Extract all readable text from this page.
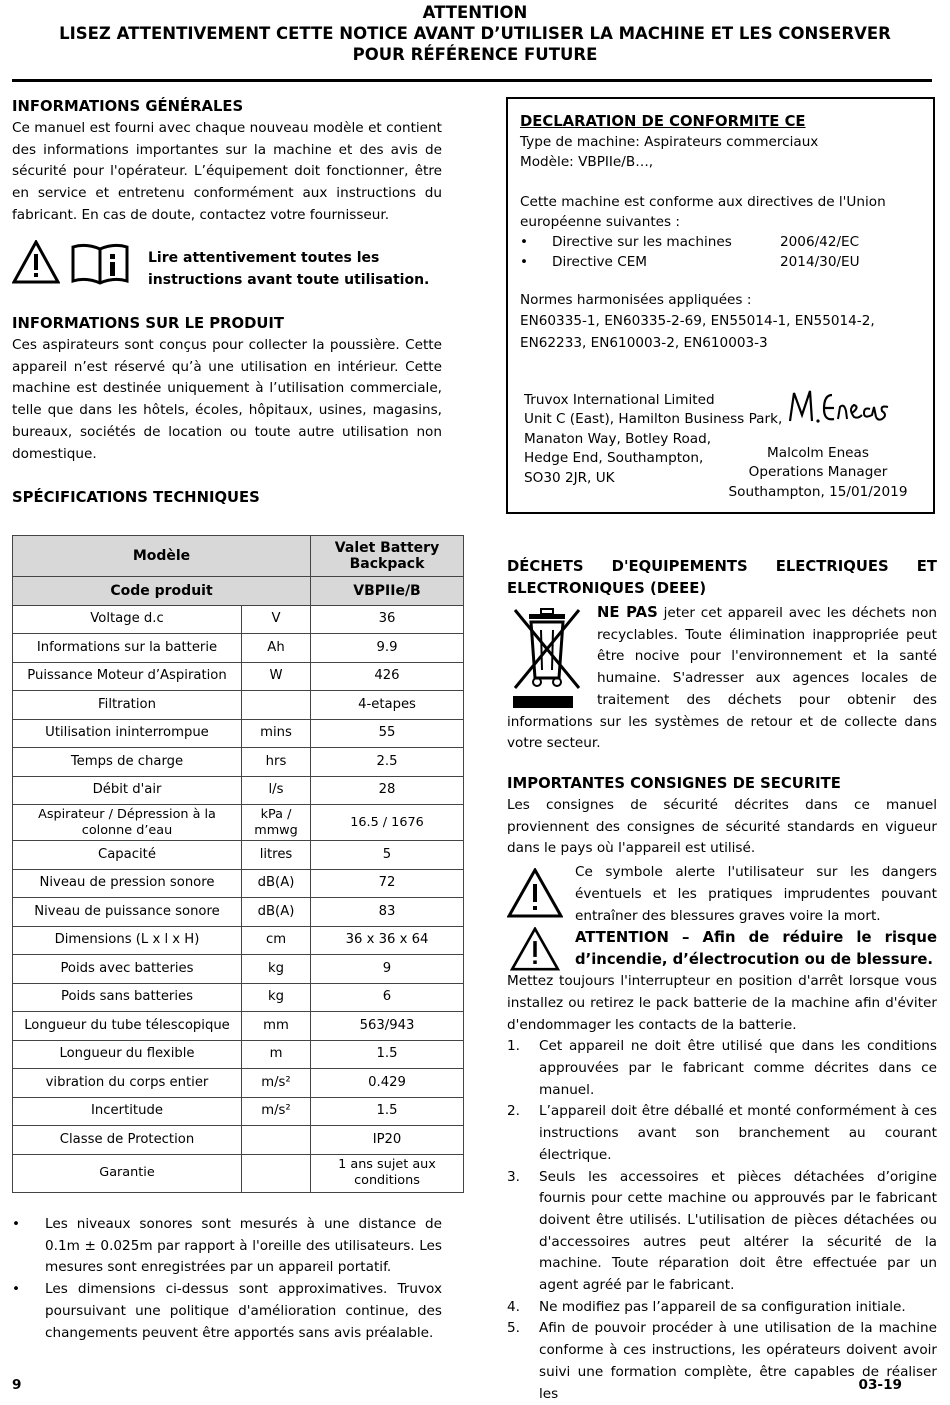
ATTENTION
LISEZ ATTENTIVEMENT CETTE NOTICE AVANT D’UTILISER LA MACHINE ET LES CONSERVER
POUR RÉFÉRENCE FUTURE

INFORMATIONS GÉNÉRALES

Ce manuel est fourni avec chaque nouveau modèle et contient des informations importantes sur la machine et des avis de sécurité pour l'opérateur. L’équipement doit fonctionner, être en service et entretenu conformément aux instructions du fabricant. En cas de doute, contactez votre fournisseur.

Lire attentivement toutes les
instructions avant toute utilisation.

INFORMATIONS SUR LE PRODUIT

Ces aspirateurs sont conçus pour collecter la poussière. Cette appareil n’est réservé qu’à une utilisation en intérieur. Cette machine est destinée uniquement à l’utilisation commerciale, telle que dans les hôtels, écoles, hôpitaux, usines, magasins, bureaux, sociétés de location ou toute autre utilisation non domestique.

SPÉCIFICATIONS TECHNIQUES

Modèle		Valet Battery Backpack
Code produit		VBPIIe/B
Voltage d.c	V	36
Informations sur la batterie	Ah	9.9
Puissance Moteur d’Aspiration	W	426
Filtration		4-etapes
Utilisation ininterrompue	mins	55
Temps de charge	hrs	2.5
Débit d'air	l/s	28
Aspirateur / Dépression à la colonne d’eau	kPa / mmwg	16.5 / 1676
Capacité	litres	5
Niveau de pression sonore	dB(A)	72
Niveau de puissance sonore	dB(A)	83
Dimensions (L x l x H)	cm	36 x 36 x 64
Poids avec batteries	kg	9
Poids sans batteries	kg	6
Longueur du tube télescopique	mm	563/943
Longueur du flexible	m	1.5
vibration du corps entier	m/s²	0.429
Incertitude	m/s²	1.5
Classe de Protection		IP20
Garantie		1 ans sujet aux conditions

• Les niveaux sonores sont mesurés à une distance de 0.1m ± 0.025m par rapport à l'oreille des utilisateurs. Les mesures sont enregistrées par un appareil portatif.

• Les dimensions ci-dessus sont approximatives. Truvox poursuivant une politique d'amélioration continue, des changements peuvent être apportés sans avis préalable.

DECLARATION DE CONFORMITE CE
Type de machine: Aspirateurs commerciaux
Modèle: VBPIIe/B…,
Cette machine est conforme aux directives de l'Union européenne suivantes :
• Directive sur les machines	2006/42/EC
• Directive CEM	2014/30/EU
Normes harmonisées appliquées :
EN60335-1, EN60335-2-69, EN55014-1, EN55014-2,
EN62233, EN610003-2, EN610003-3
Truvox International Limited
Unit C (East), Hamilton Business Park,
Manaton Way, Botley Road,
Hedge End, Southampton,
SO30 2JR, UK
Malcolm Eneas
Operations Manager
Southampton, 15/01/2019
DÉCHETS D'EQUIPEMENTS ELECTRIQUES ET
ELECTRONIQUES (DEEE)

NE PAS jeter cet appareil avec les déchets non recyclables. Toute élimination inappropriée peut être nocive pour l'environnement et la santé humaine. S'adresser aux agences locales de traitement des déchets pour obtenir des informations sur les systèmes de retour et de collecte dans votre secteur.

IMPORTANTES CONSIGNES DE SECURITE

Les consignes de sécurité décrites dans ce manuel proviennent des consignes de sécurité standards en vigueur dans le pays où l'appareil est utilisé.

Ce symbole alerte l'utilisateur sur les dangers éventuels et les pratiques imprudentes pouvant entraîner des blessures graves voire la mort.

ATTENTION – Afin de réduire le risque d’incendie, d’électrocution ou de blessure.

Mettez toujours l'interrupteur en position d'arrêt lorsque vous installez ou retirez le pack batterie de la machine afin d'éviter d'endommager les contacts de la batterie.

1. Cet appareil ne doit être utilisé que dans les conditions approuvées par le fabricant comme décrites dans ce manuel.
2. L’appareil doit être déballé et monté conformément à ces instructions avant son branchement au courant électrique.
3. Seuls les accessoires et pièces détachées d’origine fournis pour cette machine ou approuvés par le fabricant doivent être utilisés. L'utilisation de pièces détachées ou d'accessoires autres peut altérer la sécurité de la machine. Toute réparation doit être effectuée par un agent agréé par le fabricant.
4. Ne modifiez pas l’appareil de sa configuration initiale.
5. Afin de pouvoir procéder à une utilisation de la machine conforme à ces instructions, les opérateurs doivent avoir suivi une formation complète, être capables de réaliser les
9	03-19
